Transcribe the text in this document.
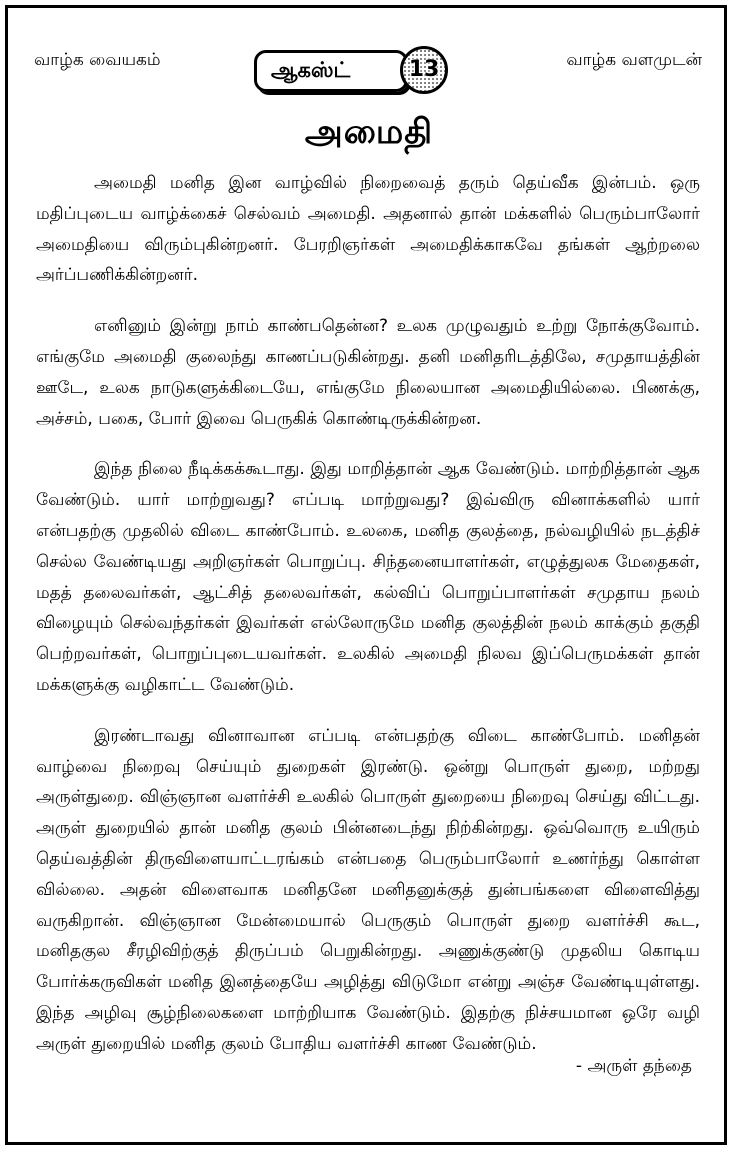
வாழ்க வையகம்	ஆகஸ்ட்	13	வாழ்க வளமுடன்
அமைதி

அமைதி மனித இன வாழ்வில் நிறைவைத் தரும் தெய்வீக இன்பம். ஒரு மதிப்புடைய வாழ்க்கைச் செல்வம் அமைதி. அதனால் தான் மக்களில் பெரும்பாலோர் அமைதியை விரும்புகின்றனர். பேரறிஞர்கள் அமைதிக்காகவே தங்கள் ஆற்றலை அர்ப்பணிக்கின்றனர்.

எனினும் இன்று நாம் காண்பதென்ன? உலக முழுவதும் உற்று நோக்குவோம். எங்குமே அமைதி குலைந்து காணப்படுகின்றது. தனி மனிதரிடத்திலே, சமுதாயத்தின் ஊடே, உலக நாடுகளுக்கிடையே, எங்குமே நிலையான அமைதியில்லை. பிணக்கு, அச்சம், பகை, போர் இவை பெருகிக் கொண்டிருக்கின்றன.

இந்த நிலை நீடிக்கக்கூடாது. இது மாறித்தான் ஆக வேண்டும். மாற்றித்தான் ஆக வேண்டும். யார் மாற்றுவது? எப்படி மாற்றுவது? இவ்விரு வினாக்களில் யார் என்பதற்கு முதலில் விடை காண்போம். உலகை, மனித குலத்தை, நல்வழியில் நடத்திச் செல்ல வேண்டியது அறிஞர்கள் பொறுப்பு. சிந்தனையாளர்கள், எழுத்துலக மேதைகள், மதத் தலைவர்கள், ஆட்சித் தலைவர்கள், கல்விப் பொறுப்பாளர்கள் சமுதாய நலம் விழையும் செல்வந்தர்கள் இவர்கள் எல்லோருமே மனித குலத்தின் நலம் காக்கும் தகுதி பெற்றவர்கள், பொறுப்புடையவர்கள். உலகில் அமைதி நிலவ இப்பெருமக்கள் தான் மக்களுக்கு வழிகாட்ட வேண்டும்.

இரண்டாவது வினாவான எப்படி என்பதற்கு விடை காண்போம். மனிதன் வாழ்வை நிறைவு செய்யும் துறைகள் இரண்டு. ஒன்று பொருள் துறை, மற்றது அருள்துறை. விஞ்ஞான வளர்ச்சி உலகில் பொருள் துறையை நிறைவு செய்து விட்டது. அருள் துறையில் தான் மனித குலம் பின்னடைந்து நிற்கின்றது. ஒவ்வொரு உயிரும் தெய்வத்தின் திருவிளையாட்டரங்கம் என்பதை பெரும்பாலோர் உணர்ந்து கொள்ள வில்லை. அதன் விளைவாக மனிதனே மனிதனுக்குத் துன்பங்களை விளைவித்து வருகிறான். விஞ்ஞான மேன்மையால் பெருகும் பொருள் துறை வளர்ச்சி கூட, மனிதகுல சீரழிவிற்குத் திருப்பம் பெறுகின்றது. அணுக்குண்டு முதலிய கொடிய போர்க்கருவிகள் மனித இனத்தையே அழித்து விடுமோ என்று அஞ்ச வேண்டியுள்ளது. இந்த அழிவு சூழ்நிலைகளை மாற்றியாக வேண்டும். இதற்கு நிச்சயமான ஒரே வழி அருள் துறையில் மனித குலம் போதிய வளர்ச்சி காண வேண்டும்.

- அருள் தந்தை
